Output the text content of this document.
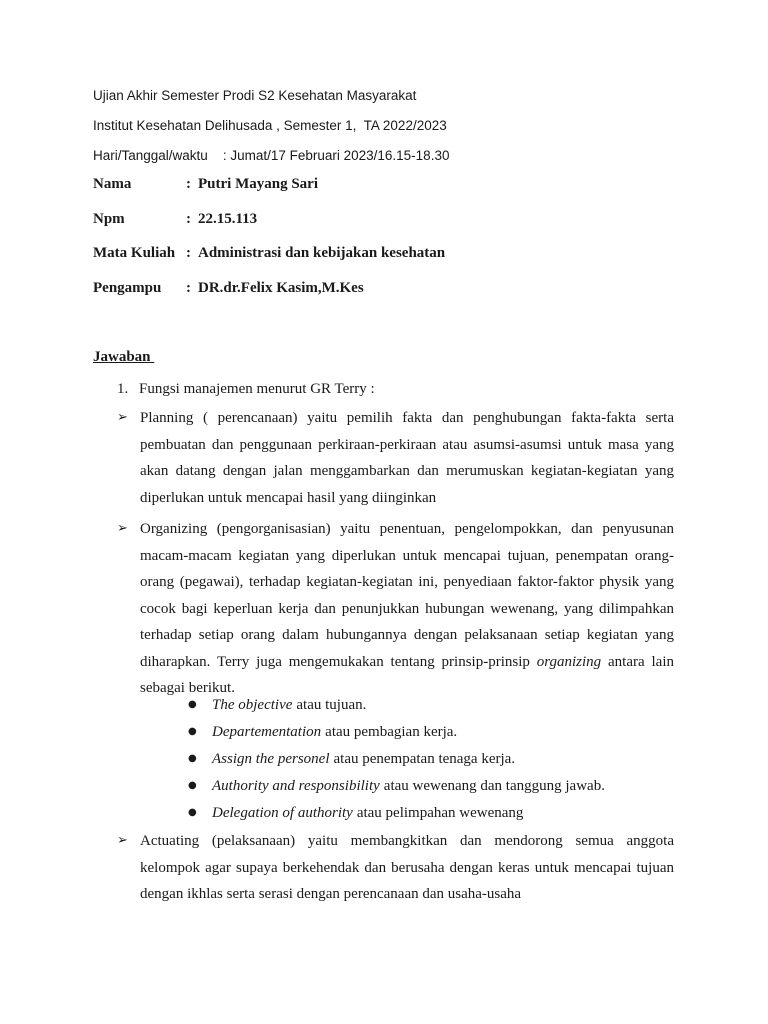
Ujian Akhir Semester Prodi S2 Kesehatan Masyarakat
Institut Kesehatan Delihusada , Semester 1,  TA 2022/2023
Hari/Tanggal/waktu    : Jumat/17 Februari 2023/16.15-18.30
Nama	: Putri Mayang Sari
Npm	: 22.15.113
Mata Kuliah : Administrasi dan kebijakan kesehatan
Pengampu : DR.dr.Felix Kasim,M.Kes
Jawaban
1. Fungsi manajemen menurut GR Terry :
➢ Planning ( perencanaan) yaitu pemilih fakta dan penghubungan fakta-fakta serta pembuatan dan penggunaan perkiraan-perkiraan atau asumsi-asumsi untuk masa yang akan datang dengan jalan menggambarkan dan merumuskan kegiatan-kegiatan yang diperlukan untuk mencapai hasil yang diinginkan
➢ Organizing (pengorganisasian) yaitu penentuan, pengelompokkan, dan penyusunan macam-macam kegiatan yang diperlukan untuk mencapai tujuan, penempatan orang-orang (pegawai), terhadap kegiatan-kegiatan ini, penyediaan faktor-faktor physik yang cocok bagi keperluan kerja dan penunjukkan hubungan wewenang, yang dilimpahkan terhadap setiap orang dalam hubungannya dengan pelaksanaan setiap kegiatan yang diharapkan. Terry juga mengemukakan tentang prinsip-prinsip organizing antara lain sebagai berikut.
● The objective atau tujuan.
● Departementation atau pembagian kerja.
● Assign the personel atau penempatan tenaga kerja.
● Authority and responsibility atau wewenang dan tanggung jawab.
● Delegation of authority atau pelimpahan wewenang
➢ Actuating (pelaksanaan) yaitu membangkitkan dan mendorong semua anggota kelompok agar supaya berkehendak dan berusaha dengan keras untuk mencapai tujuan dengan ikhlas serta serasi dengan perencanaan dan usaha-usaha
